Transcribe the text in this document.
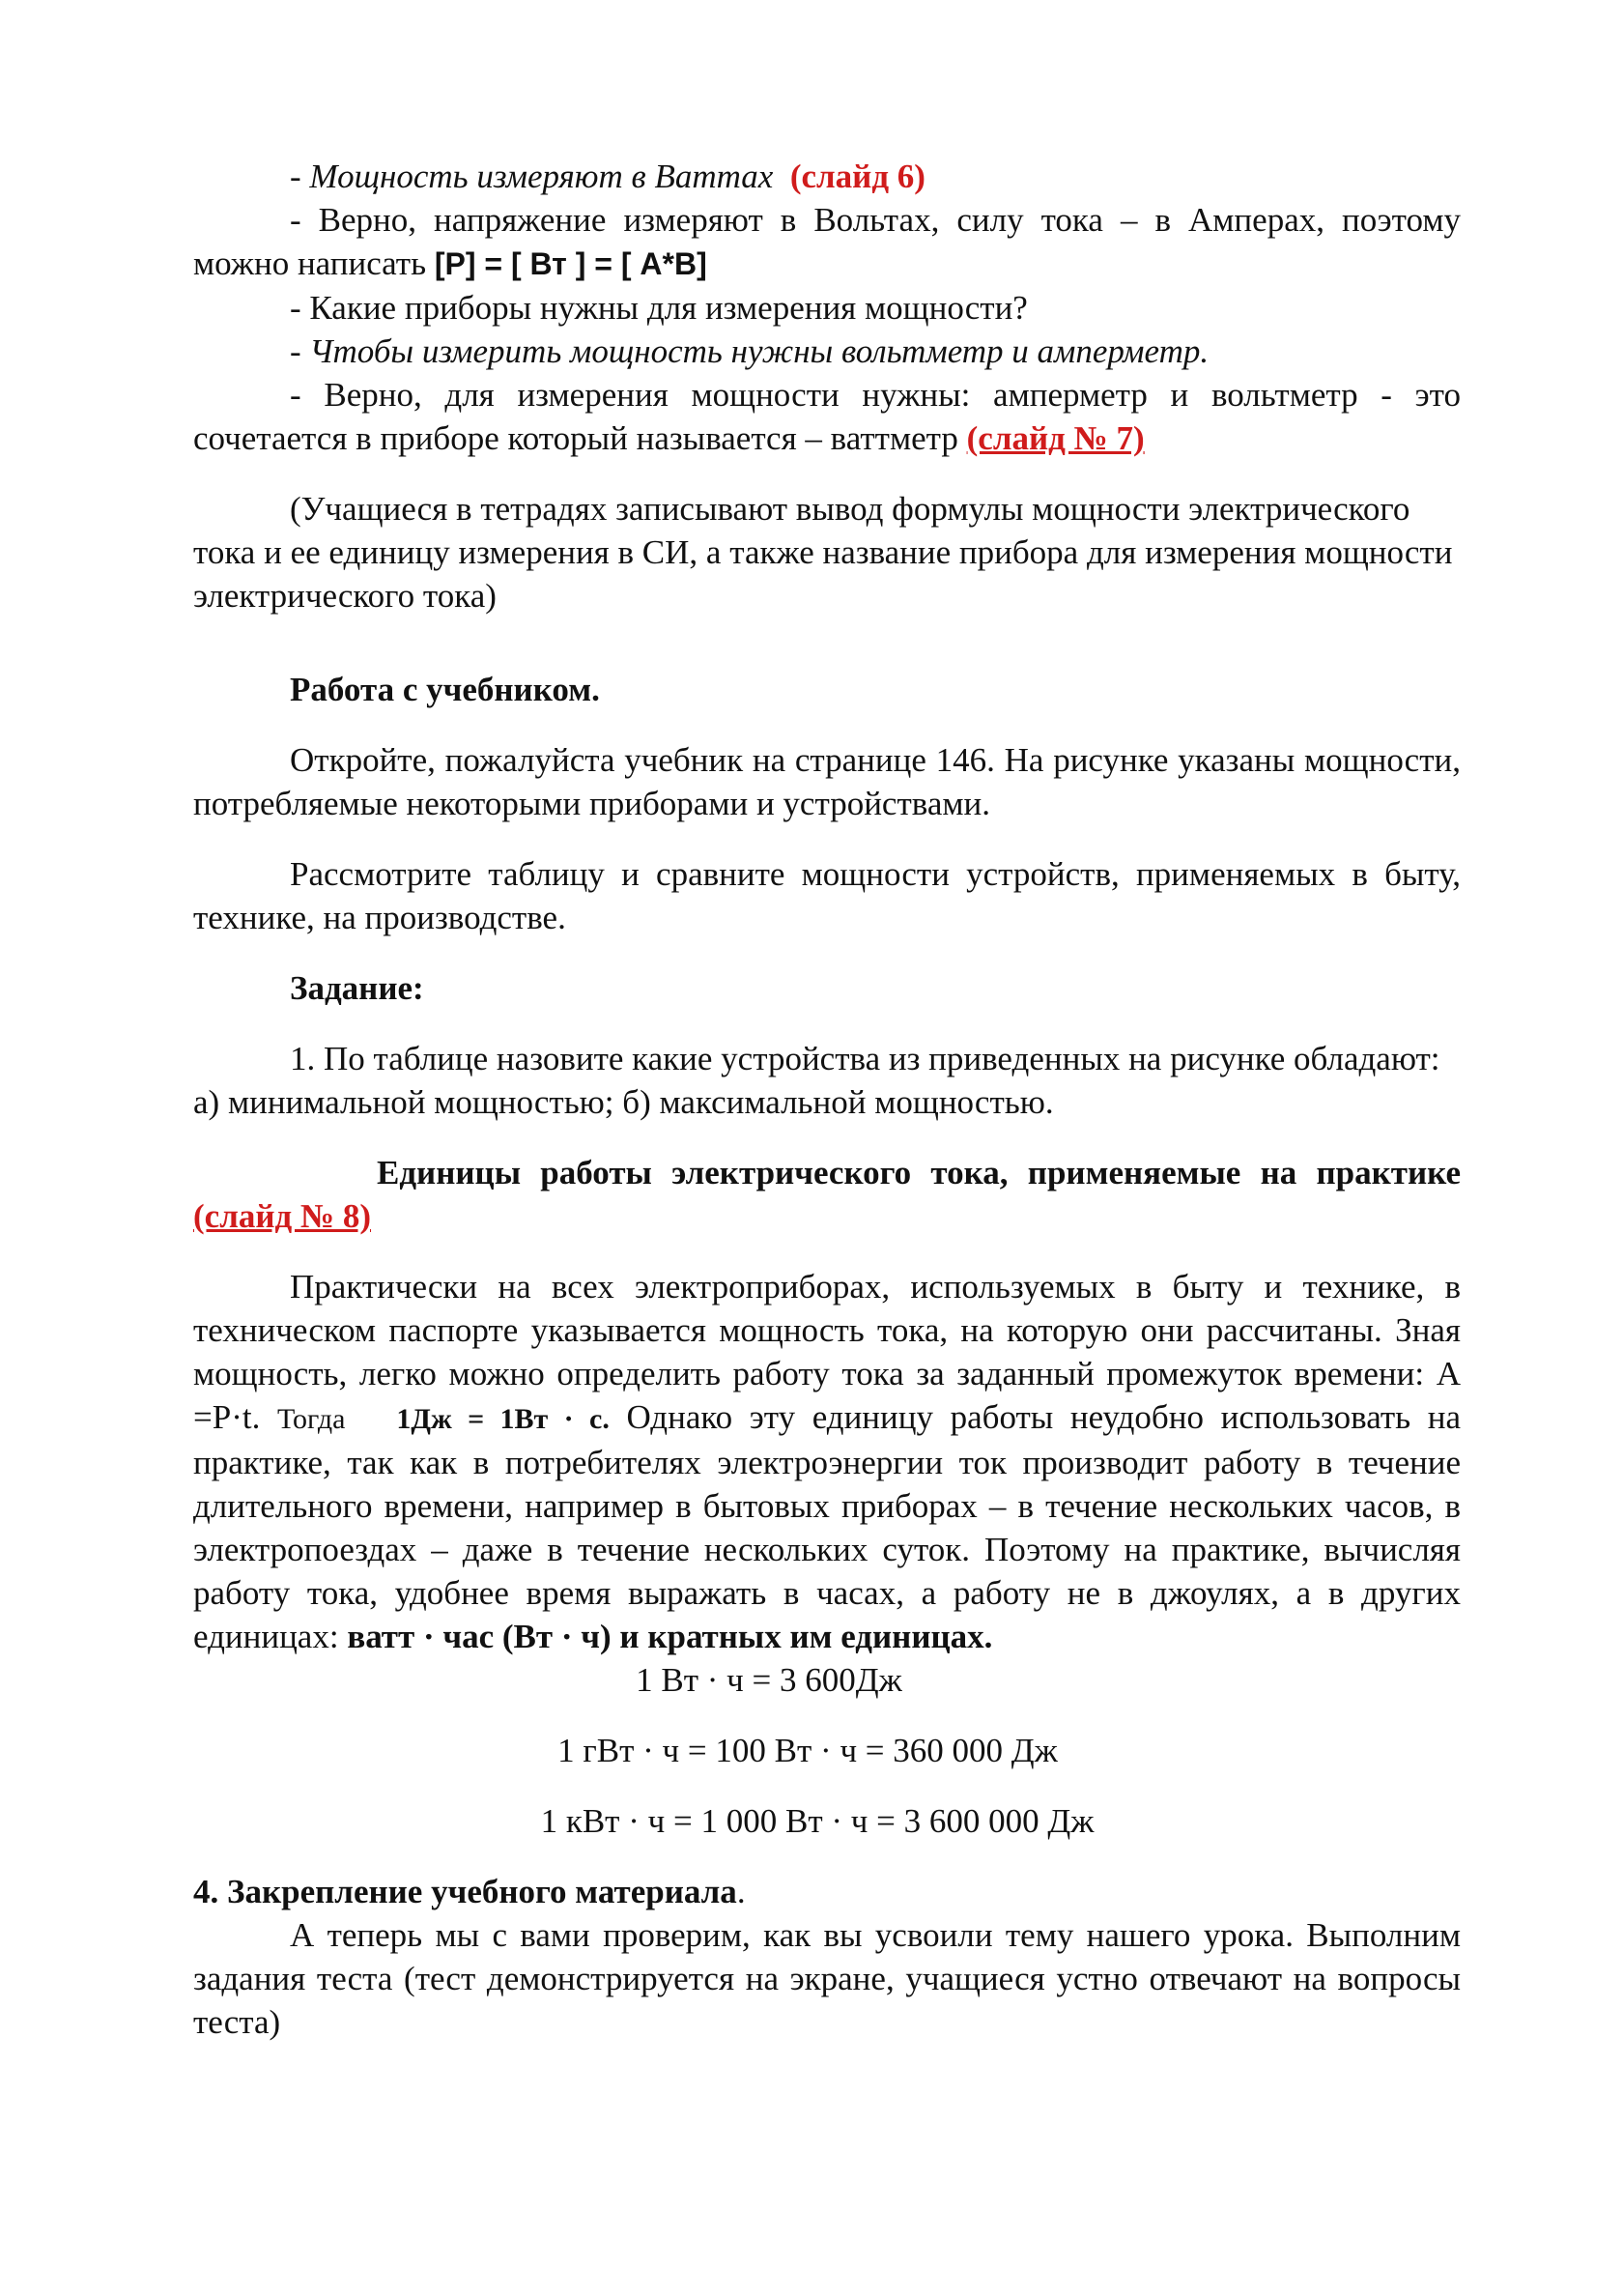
- Мощность измеряют в Ваттах (слайд 6)

- Верно, напряжение измеряют в Вольтах, силу тока – в Амперах, поэтому можно написать [P] = [ Вт ] = [ А*В]

- Какие приборы нужны для измерения мощности?

- Чтобы измерить мощность нужны вольтметр и амперметр.

- Верно, для измерения мощности нужны: амперметр и вольтметр - это сочетается в приборе который называется – ваттметр (слайд № 7)

(Учащиеся в тетрадях записывают вывод формулы мощности электрического тока и ее единицу измерения в СИ, а также название прибора для измерения мощности электрического тока)

Работа с учебником.

Откройте, пожалуйста учебник на странице 146. На рисунке указаны мощности, потребляемые некоторыми приборами и устройствами.

Рассмотрите таблицу и сравните мощности устройств, применяемых в быту, технике, на производстве.

Задание:

1. По таблице назовите какие устройства из приведенных на рисунке обладают: а) минимальной мощностью; б) максимальной мощностью.

Единицы работы электрического тока, применяемые на практике (слайд № 8)

Практически на всех электроприборах, используемых в быту и технике, в техническом паспорте указывается мощность тока, на которую они рассчитаны. Зная мощность, легко можно определить работу тока за заданный промежуток времени: А =P·t. Тогда 1Дж = 1Вт · с. Однако эту единицу работы неудобно использовать на практике, так как в потребителях электроэнергии ток производит работу в течение длительного времени, например в бытовых приборах – в течение нескольких часов, в электропоездах – даже в течение нескольких суток. Поэтому на практике, вычисляя работу тока, удобнее время выражать в часах, а работу не в джоулях, а в других единицах: ватт · час (Вт · ч) и кратных им единицах.

1 Вт · ч = 3 600Дж

1 гВт · ч = 100 Вт · ч = 360 000 Дж

1 кВт · ч = 1 000 Вт · ч = 3 600 000 Дж

4. Закрепление учебного материала.

А теперь мы с вами проверим, как вы усвоили тему нашего урока. Выполним задания теста (тест демонстрируется на экране, учащиеся устно отвечают на вопросы теста)
